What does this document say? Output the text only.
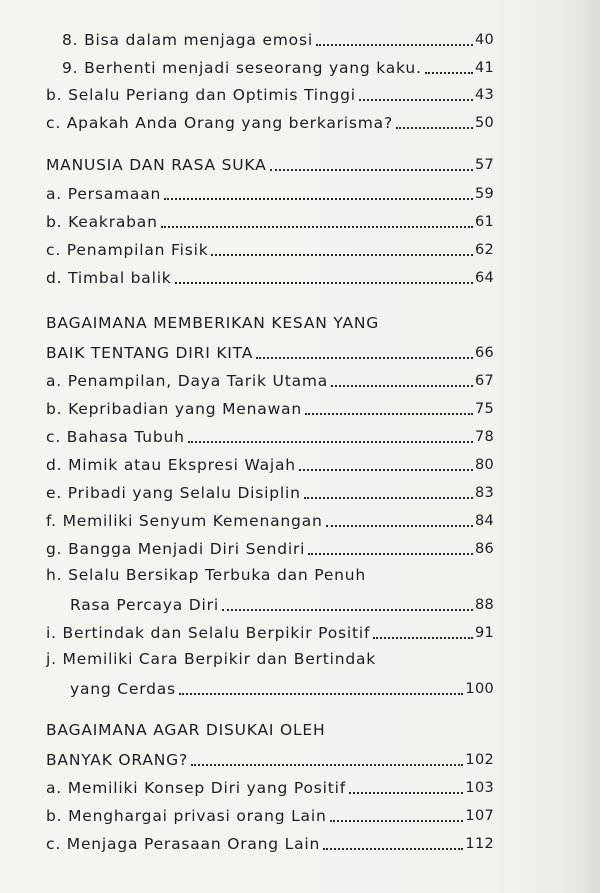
8. Bisa dalam menjaga emosi	40
9. Berhenti menjadi seseorang yang kaku.	41
b. Selalu Periang dan Optimis Tinggi	43
c. Apakah Anda Orang yang berkarisma?	50
MANUSIA DAN RASA SUKA	57
a. Persamaan	59
b. Keakraban	61
c. Penampilan Fisik	62
d. Timbal balik	64
BAGAIMANA MEMBERIKAN KESAN YANG
BAIK TENTANG DIRI KITA	66
a. Penampilan, Daya Tarik Utama	67
b. Kepribadian yang Menawan	75
c. Bahasa Tubuh	78
d. Mimik atau Ekspresi Wajah	80
e. Pribadi yang Selalu Disiplin	83
f. Memiliki Senyum Kemenangan	84
g. Bangga Menjadi Diri Sendiri	86
h. Selalu Bersikap Terbuka dan Penuh
Rasa Percaya Diri	88
i. Bertindak dan Selalu Berpikir Positif	91
j. Memiliki Cara Berpikir dan Bertindak
yang Cerdas	100
BAGAIMANA AGAR DISUKAI OLEH
BANYAK ORANG?	102
a. Memiliki Konsep Diri yang Positif	103
b. Menghargai privasi orang Lain	107
c. Menjaga Perasaan Orang Lain	112
